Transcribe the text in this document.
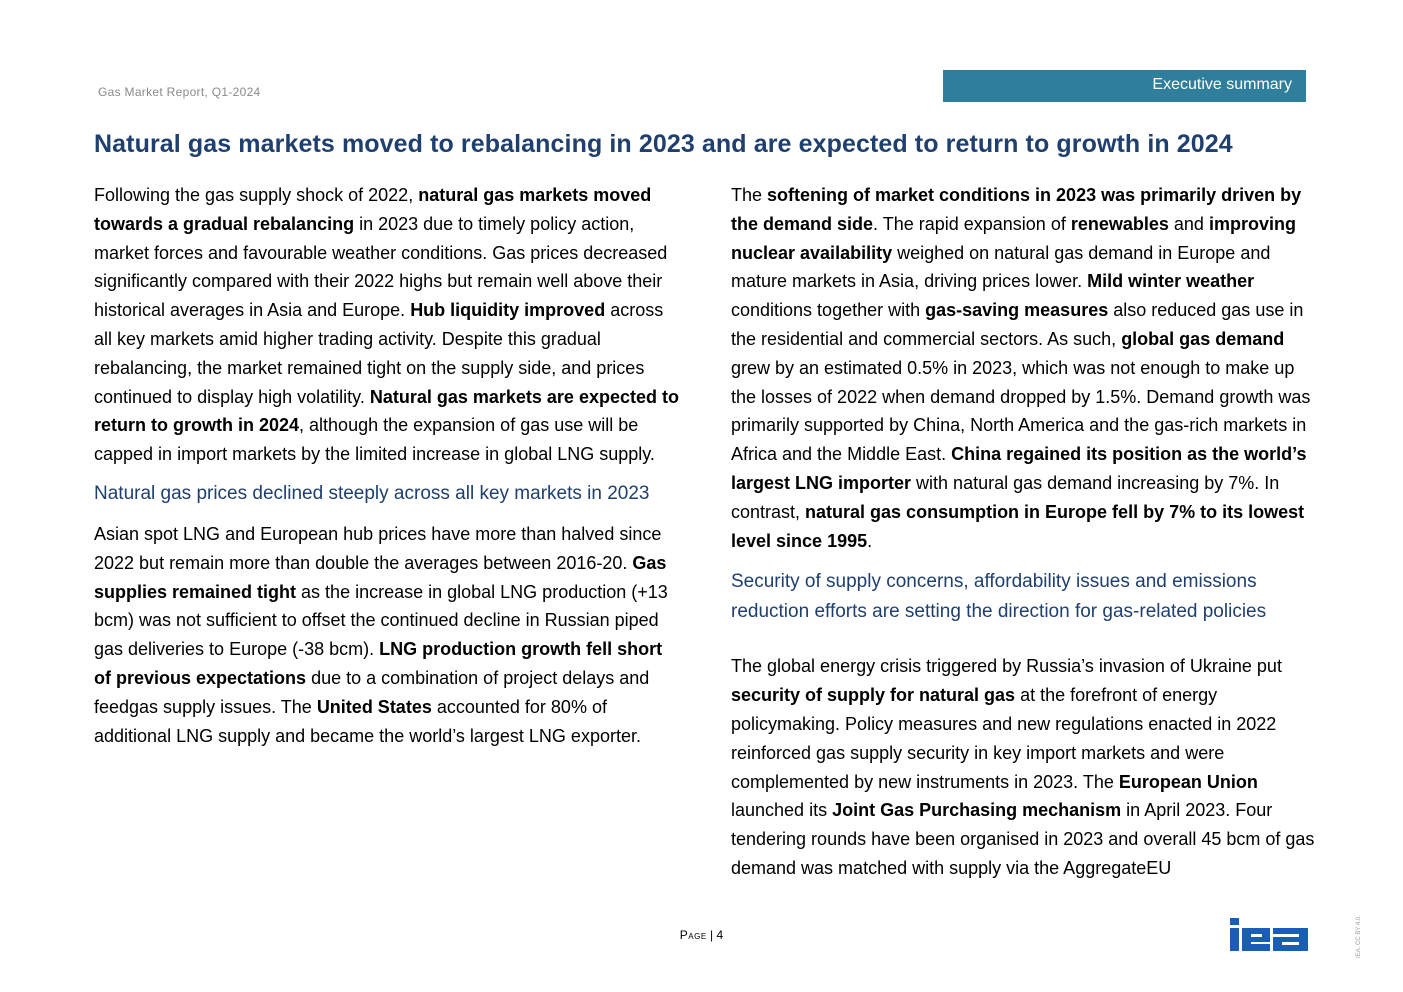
Gas Market Report, Q1-2024	Executive summary
Natural gas markets moved to rebalancing in 2023 and are expected to return to growth in 2024

Following the gas supply shock of 2022, natural gas markets moved towards a gradual rebalancing in 2023 due to timely policy action, market forces and favourable weather conditions. Gas prices decreased significantly compared with their 2022 highs but remain well above their historical averages in Asia and Europe. Hub liquidity improved across all key markets amid higher trading activity. Despite this gradual rebalancing, the market remained tight on the supply side, and prices continued to display high volatility. Natural gas markets are expected to return to growth in 2024, although the expansion of gas use will be capped in import markets by the limited increase in global LNG supply.

Natural gas prices declined steeply across all key markets in 2023

Asian spot LNG and European hub prices have more than halved since 2022 but remain more than double the averages between 2016-20. Gas supplies remained tight as the increase in global LNG production (+13 bcm) was not sufficient to offset the continued decline in Russian piped gas deliveries to Europe (-38 bcm). LNG production growth fell short of previous expectations due to a combination of project delays and feedgas supply issues. The United States accounted for 80% of additional LNG supply and became the world’s largest LNG exporter.

The softening of market conditions in 2023 was primarily driven by the demand side. The rapid expansion of renewables and improving nuclear availability weighed on natural gas demand in Europe and mature markets in Asia, driving prices lower. Mild winter weather conditions together with gas-saving measures also reduced gas use in the residential and commercial sectors. As such, global gas demand grew by an estimated 0.5% in 2023, which was not enough to make up the losses of 2022 when demand dropped by 1.5%. Demand growth was primarily supported by China, North America and the gas-rich markets in Africa and the Middle East. China regained its position as the world’s largest LNG importer with natural gas demand increasing by 7%. In contrast, natural gas consumption in Europe fell by 7% to its lowest level since 1995.

Security of supply concerns, affordability issues and emissions reduction efforts are setting the direction for gas-related policies

The global energy crisis triggered by Russia’s invasion of Ukraine put security of supply for natural gas at the forefront of energy policymaking. Policy measures and new regulations enacted in 2022 reinforced gas supply security in key import markets and were complemented by new instruments in 2023. The European Union launched its Joint Gas Purchasing mechanism in April 2023. Four tendering rounds have been organised in 2023 and overall 45 bcm of gas demand was matched with supply via the AggregateEU

Page | 4	IEA. CC BY 4.0.
